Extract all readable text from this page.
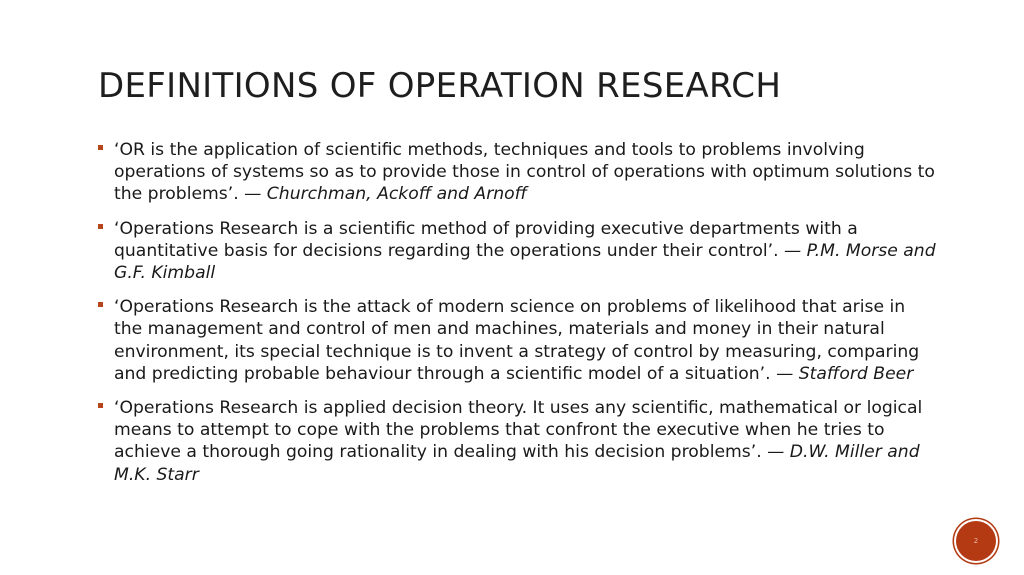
DEFINITIONS OF OPERATION RESEARCH
‘OR is the application of scientific methods, techniques and tools to problems involving operations of systems so as to provide those in control of operations with optimum solutions to the problems’. — Churchman, Ackoff and Arnoff
‘Operations Research is a scientific method of providing executive departments with a quantitative basis for decisions regarding the operations under their control’. — P.M. Morse and G.F. Kimball
‘Operations Research is the attack of modern science on problems of likelihood that arise in the management and control of men and machines, materials and money in their natural environment, its special technique is to invent a strategy of control by measuring, comparing and predicting probable behaviour through a scientific model of a situation’. — Stafford Beer
‘Operations Research is applied decision theory. It uses any scientific, mathematical or logical means to attempt to cope with the problems that confront the executive when he tries to achieve a thorough going rationality in dealing with his decision problems’. — D.W. Miller and M.K. Starr
2
